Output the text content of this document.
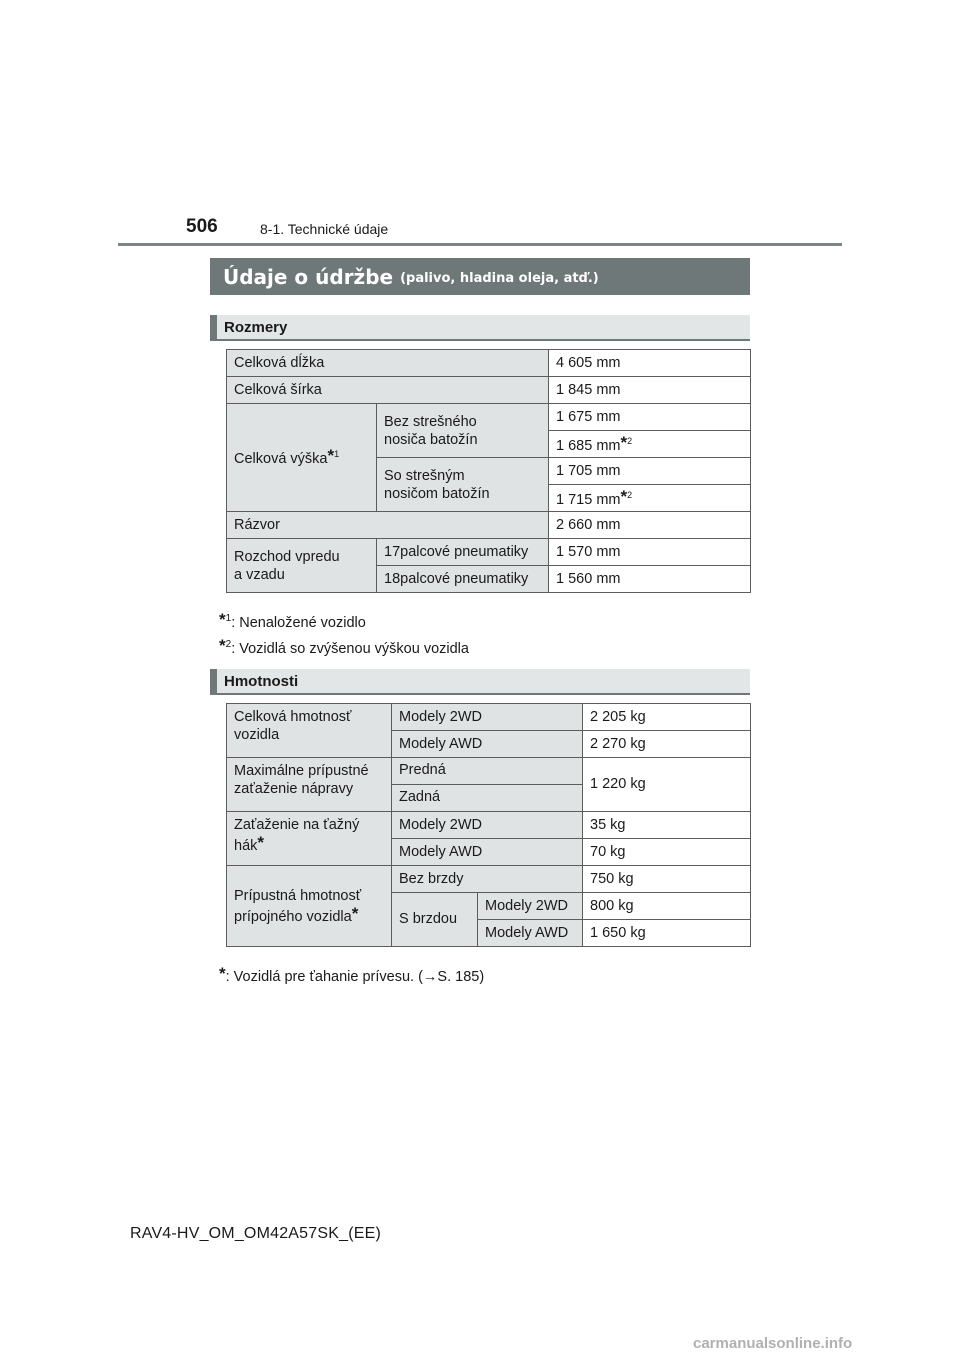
506	8-1. Technické údaje
Údaje o údržbe (palivo, hladina oleja, atď.)
Rozmery
Celková dĺžka		4 605 mm
Celková šírka		1 845 mm
Celková výška*$^1$	Bez strešného
nosiča batožín	1 675 mm
		1 685 mm*$^2$
	So strešným
nosičom batožín	1 705 mm
		1 715 mm*$^2$
Rázvor		2 660 mm
Rozchod vpredu
a vzadu	17palcové pneumatiky	1 570 mm
	18palcové pneumatiky	1 560 mm
*$^1$: Nenaložené vozidlo
*$^2$: Vozidlá so zvýšenou výškou vozidla
Hmotnosti
Celková hmotnosť
vozidla	Modely 2WD		2 205 kg
	Modely AWD		2 270 kg
Maximálne prípustné
zaťaženie nápravy	Predná		1 220 kg
	Zadná		
Zaťaženie na ťažný
hák*	Modely 2WD		35 kg
	Modely AWD		70 kg
Prípustná hmotnosť
prípojného vozidla*	Bez brzdy		750 kg
	S brzdou	Modely 2WD	800 kg
		Modely AWD	1 650 kg
*: Vozidlá pre ťahanie prívesu. (→S. 185)
RAV4-HV_OM_OM42A57SK_(EE)
carmanualsonline.info
